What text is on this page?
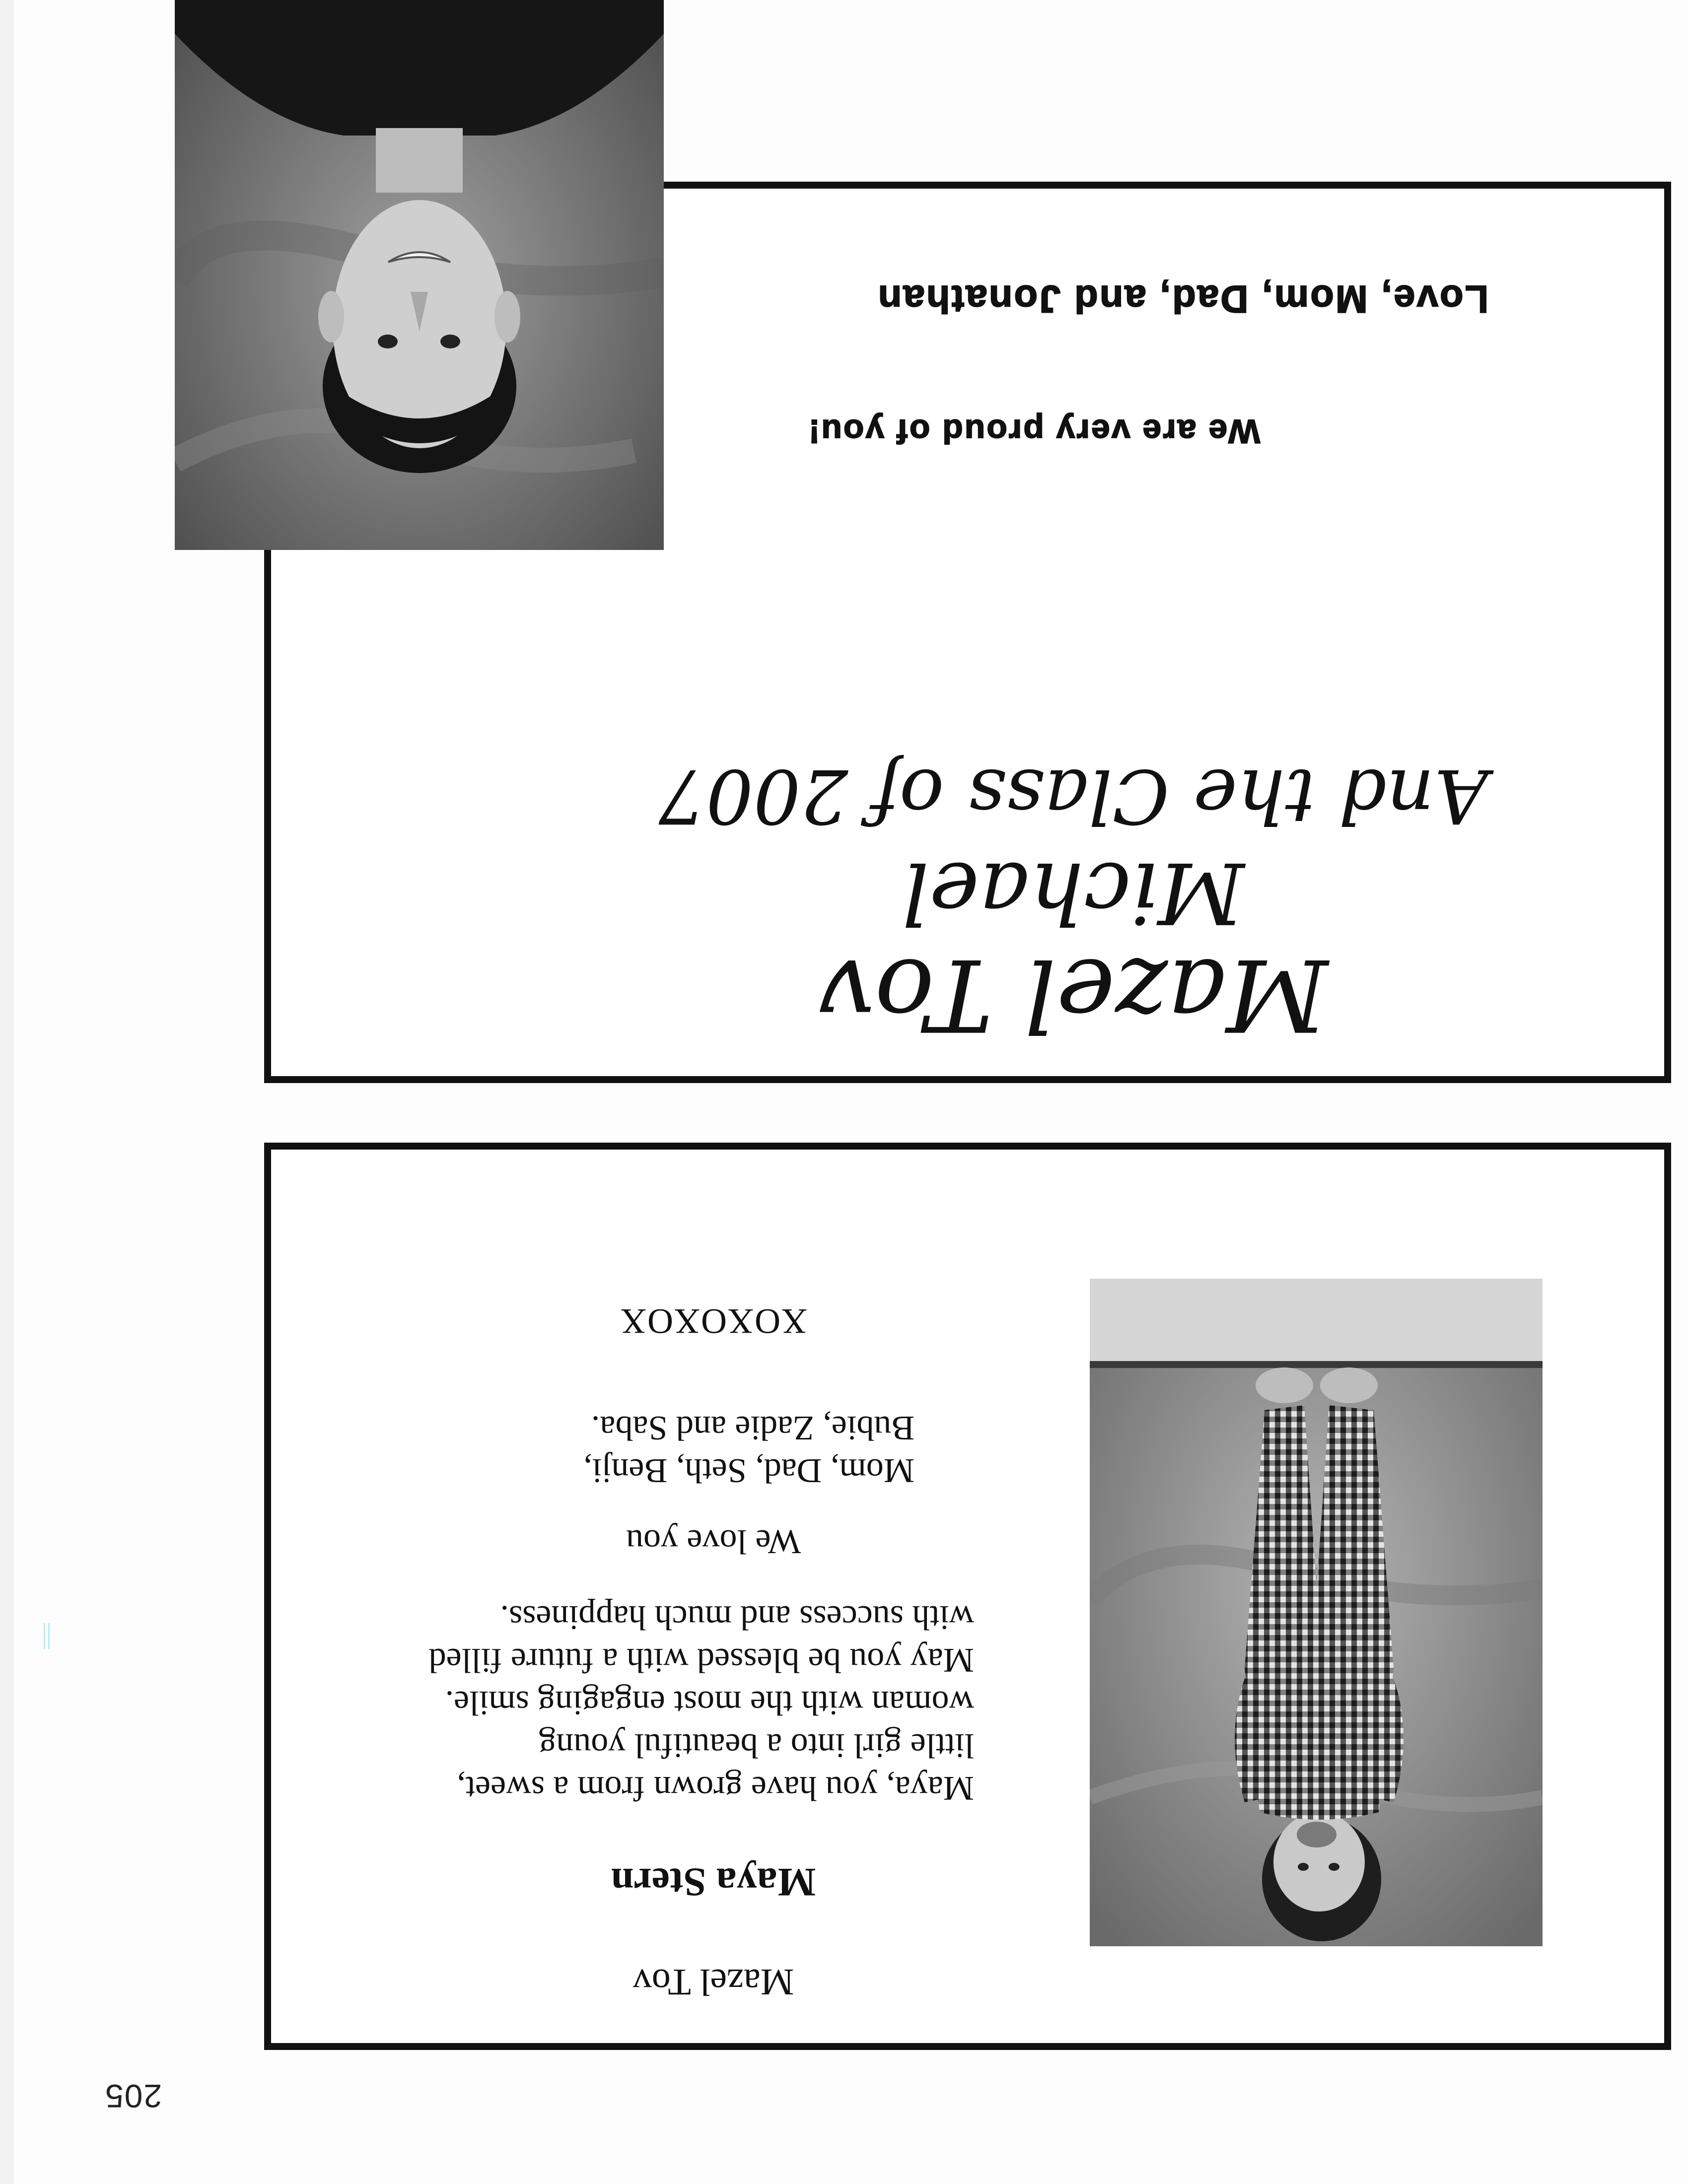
205
Mazel Tov
Maya Stern
Maya, you have grown from a sweet,
little girl into a beautiful young
woman with the most engaging smile.
May you be blessed with a future filled
with success and much happiness.
We love you
Mom, Dad, Seth, Benji,
Bubie, Zadie and Saba.
XOXOXOX
Mazel Tov
Michael
And the Class of 2007
We are very proud of you!
Love, Mom, Dad, and Jonathan
